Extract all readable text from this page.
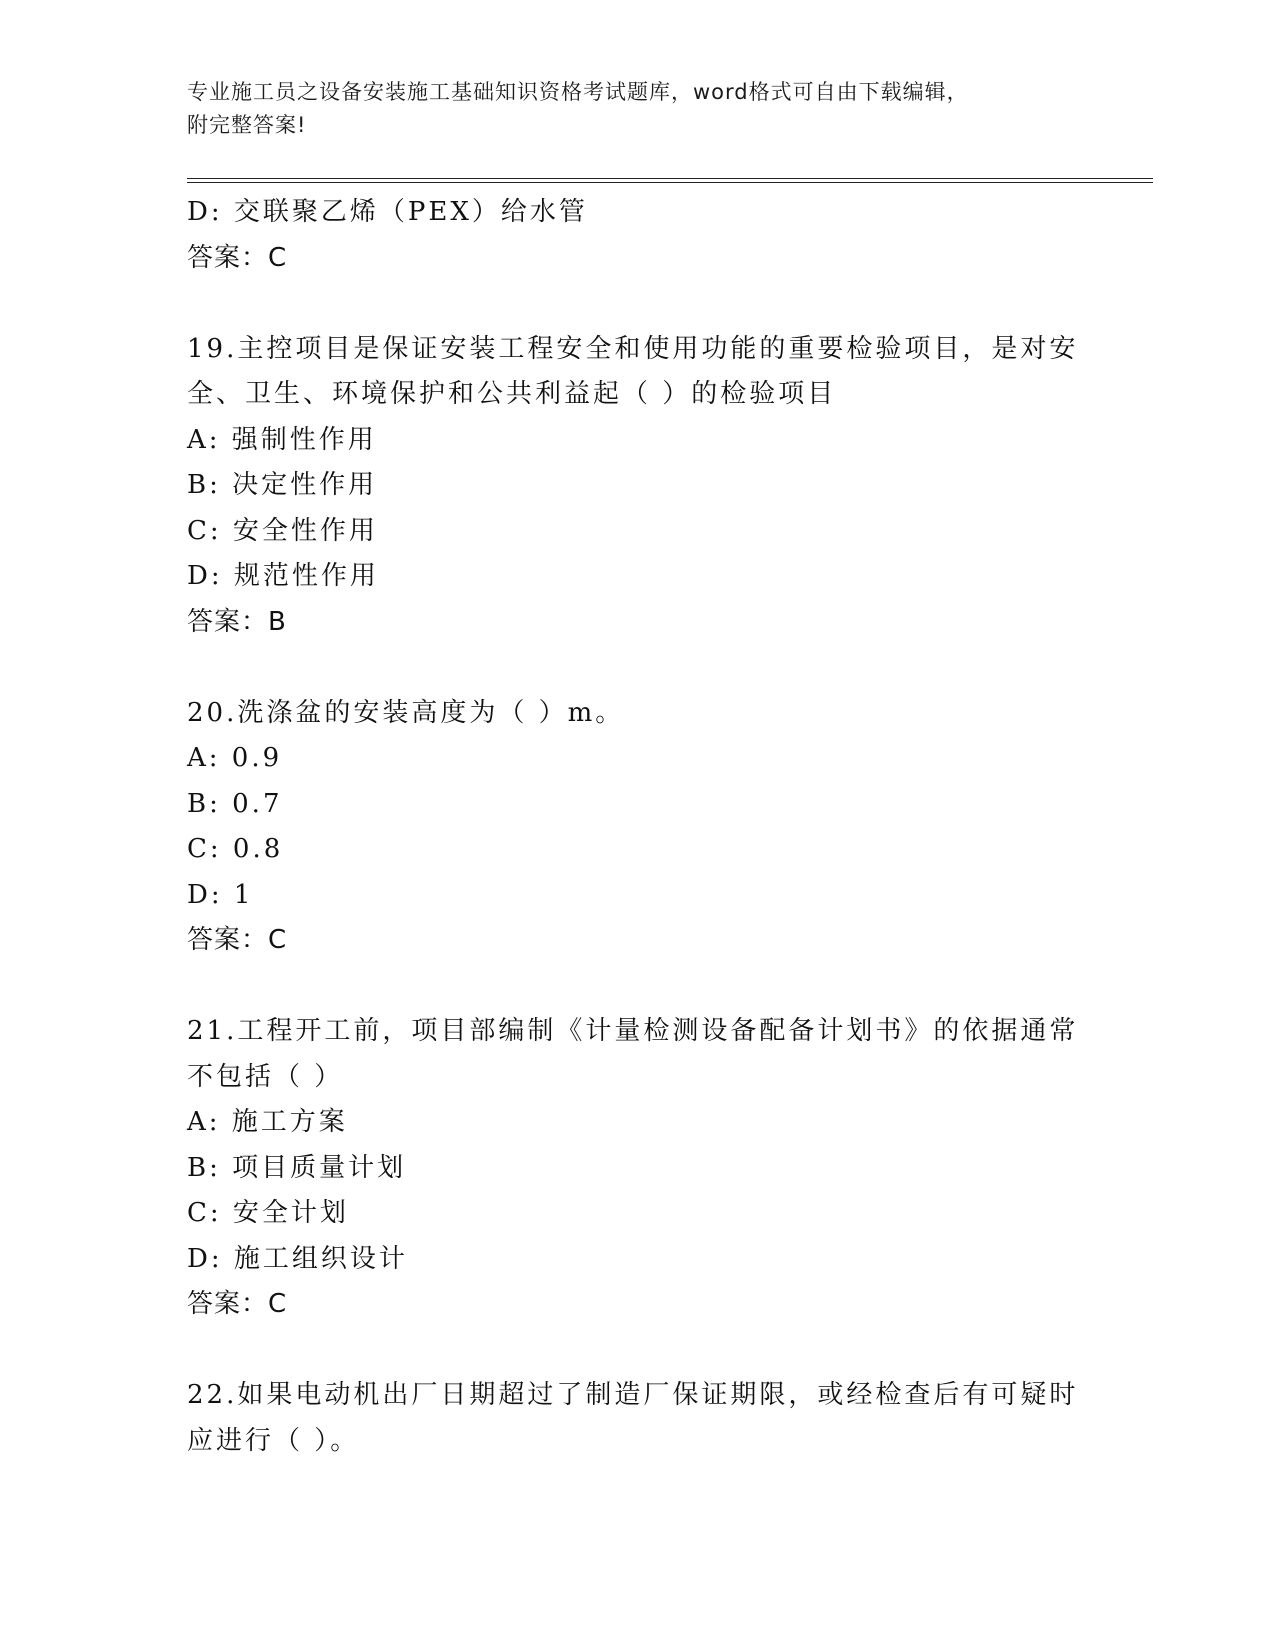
专业施工员之设备安装施工基础知识资格考试题库，word格式可自由下载编辑，
附完整答案!
D: 交联聚乙烯（PEX）给水管
答案：C
19.主控项目是保证安装工程安全和使用功能的重要检验项目，是对安
全、卫生、环境保护和公共利益起（ ）的检验项目
A: 强制性作用
B: 决定性作用
C: 安全性作用
D: 规范性作用
答案：B
20.洗涤盆的安装高度为（ ）m。
A: 0.9
B: 0.7
C: 0.8
D: 1
答案：C
21.工程开工前，项目部编制《计量检测设备配备计划书》的依据通常
不包括（ ）
A: 施工方案
B: 项目质量计划
C: 安全计划
D: 施工组织设计
答案：C
22.如果电动机出厂日期超过了制造厂保证期限，或经检查后有可疑时
应进行（ ）。
